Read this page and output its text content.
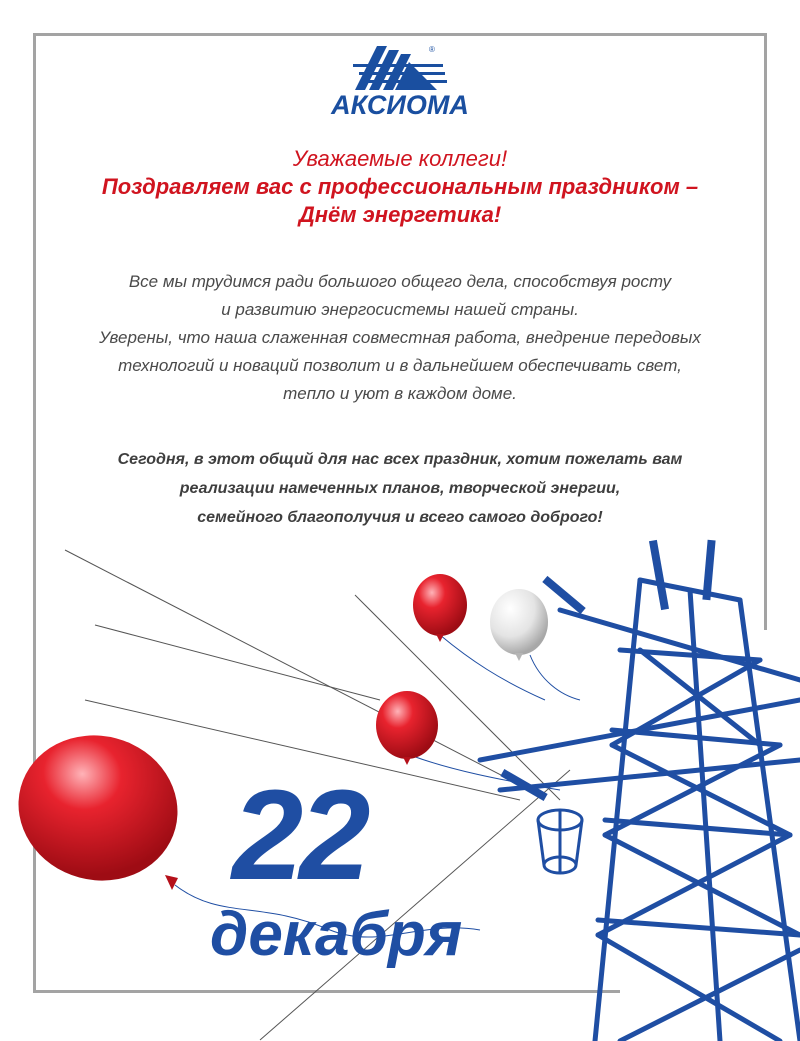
®
АКСИОМА
Уважаемые коллеги!
Поздравляем вас с профессиональным праздником –
Днём энергетика!
Все мы трудимся ради большого общего дела, способствуя росту
и развитию энергосистемы нашей страны.
Уверены, что наша слаженная совместная работа, внедрение передовых
технологий и новаций позволит и в дальнейшем обеспечивать свет,
тепло и уют в каждом доме.
Сегодня, в этот общий для нас всех праздник, хотим пожелать вам
реализации намеченных планов, творческой энергии,
семейного благополучия и всего самого доброго!
22
декабря
